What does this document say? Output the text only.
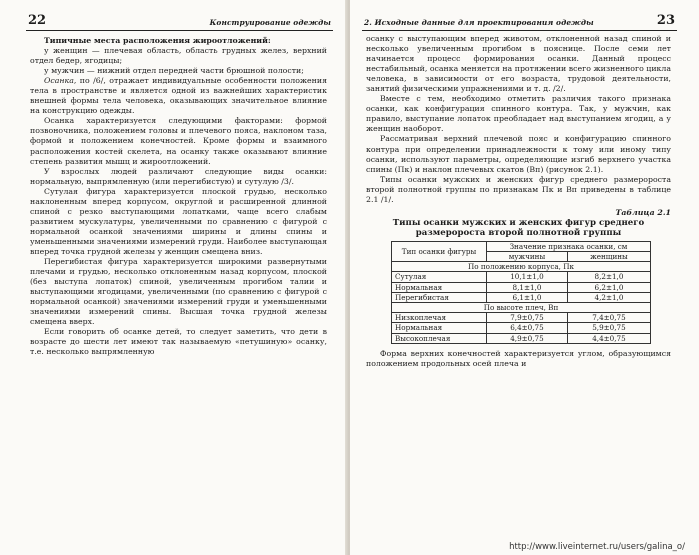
22	Конструирование одежды

Типичные места расположения жироотложений:

у женщин — плечевая область, область грудных желез, верхний отдел бедер, ягодицы;

у мужчин — нижний отдел передней части брюшной полости;

Осанка, по /6/, отражает индивидуальные особенности положения тела в пространстве и является одной из важнейших характеристик внешней формы тела человека, оказывающих значительное влияние на конструкцию одежды.

Осанка характеризуется следующими факторами: формой позвоночника, положением головы и плечевого пояса, наклоном таза, формой и положением конечностей. Кроме формы и взаимного расположения костей скелета, на осанку также оказывают влияние степень развития мышц и жироотложений.

У взрослых людей различают следующие виды осанки: нормальную, выпрямленную (или перегибистую) и сутулую /3/.

Сутулая фигура характеризуется плоской грудью, несколько наклоненным вперед корпусом, округлой и расширенной длинной спиной с резко выступающими лопатками, чаще всего слабым развитием мускулатуры, увеличенными по сравнению с фигурой с нормальной осанкой значениями ширины и длины спины и уменьшенными значениями измерений груди. Наиболее выступающая вперед точка грудной железы у женщин смещена вниз.

Перегибистая фигура характеризуется широкими развернутыми плечами и грудью, несколько отклоненным назад корпусом, плоской (без выступа лопаток) спиной, увеличенным прогибом талии и выступающими ягодицами, увеличенными (по сравнению с фигурой с нормальной осанкой) значениями измерений груди и уменьшенными значениями измерений спины. Высшая точка грудной железы смещена вверх.

Если говорить об осанке детей, то следует заметить, что дети в возрасте до шести лет имеют так называемую «петушиную» осанку, т.е. несколько выпрямленную

2. Исходные данные для проектирования одежды	23

осанку с выступающим вперед животом, отклоненной назад спиной и несколько увеличенным прогибом в пояснице. После семи лет начинается процесс формирования осанки. Данный процесс нестабильный, осанка меняется на протяжении всего жизненного цикла человека, в зависимости от его возраста, трудовой деятельности, занятий физическими упражнениями и т. д. /2/.

Вместе с тем, необходимо отметить различия такого признака осанки, как конфигурация спинного контура. Так, у мужчин, как правило, выступание лопаток преобладает над выступанием ягодиц, а у женщин наоборот.

Рассматривая верхний плечевой пояс и конфигурацию спинного контура при определении принадлежности к тому или иному типу осанки, используют параметры, определяющие изгиб верхнего участка спины (Пк) и наклон плечевых скатов (Вп) (рисунок 2.1).

Типы осанки мужских и женских фигур среднего размероростa второй полнотной группы по признакам Пк и Вп приведены в таблице 2.1 /1/.

Таблица 2.1
Типы осанки мужских и женских фигур среднего
размероростa второй полнотной группы
Тип осанки фигуры	Значение признака осанки, см	
	мужчины	женщины
По положению корпуса, Пк		
Сутулая	10,1±1,0	8,2±1,0
Нормальная	8,1±1,0	6,2±1,0
Перегибистая	6,1±1,0	4,2±1,0
По высоте плеч, Вп		
Низкоплечая	7,9±0,75	7,4±0,75
Нормальная	6,4±0,75	5,9±0,75
Высокоплечая	4,9±0,75	4,4±0,75

Форма верхних конечностей характеризуется углом, образующимся положением продольных осей плеча и

http://www.liveinternet.ru/users/galina_o/
